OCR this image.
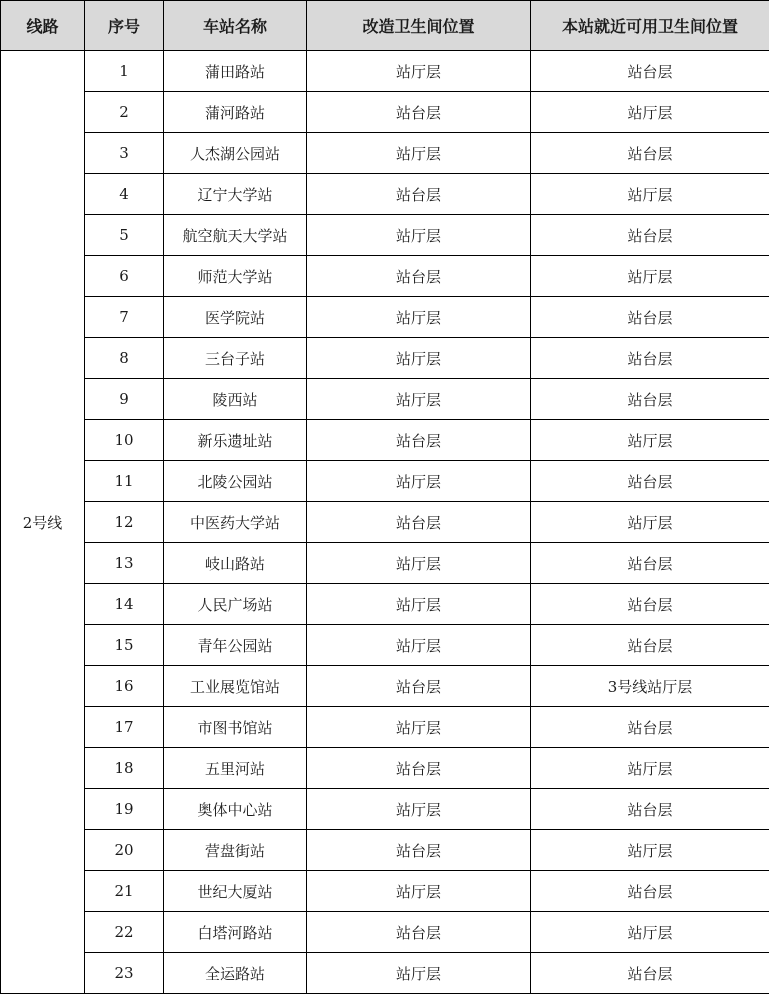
线路	序号	车站名称	改造卫生间位置	本站就近可用卫生间位置
2号线	1	蒲田路站	站厅层	站台层
	2	蒲河路站	站台层	站厅层
	3	人杰湖公园站	站厅层	站台层
	4	辽宁大学站	站台层	站厅层
	5	航空航天大学站	站厅层	站台层
	6	师范大学站	站台层	站厅层
	7	医学院站	站厅层	站台层
	8	三台子站	站厅层	站台层
	9	陵西站	站厅层	站台层
	10	新乐遗址站	站台层	站厅层
	11	北陵公园站	站厅层	站台层
	12	中医药大学站	站台层	站厅层
	13	岐山路站	站厅层	站台层
	14	人民广场站	站厅层	站台层
	15	青年公园站	站厅层	站台层
	16	工业展览馆站	站台层	3号线站厅层
	17	市图书馆站	站厅层	站台层
	18	五里河站	站台层	站厅层
	19	奥体中心站	站厅层	站台层
	20	营盘街站	站台层	站厅层
	21	世纪大厦站	站厅层	站台层
	22	白塔河路站	站台层	站厅层
	23	全运路站	站厅层	站台层
